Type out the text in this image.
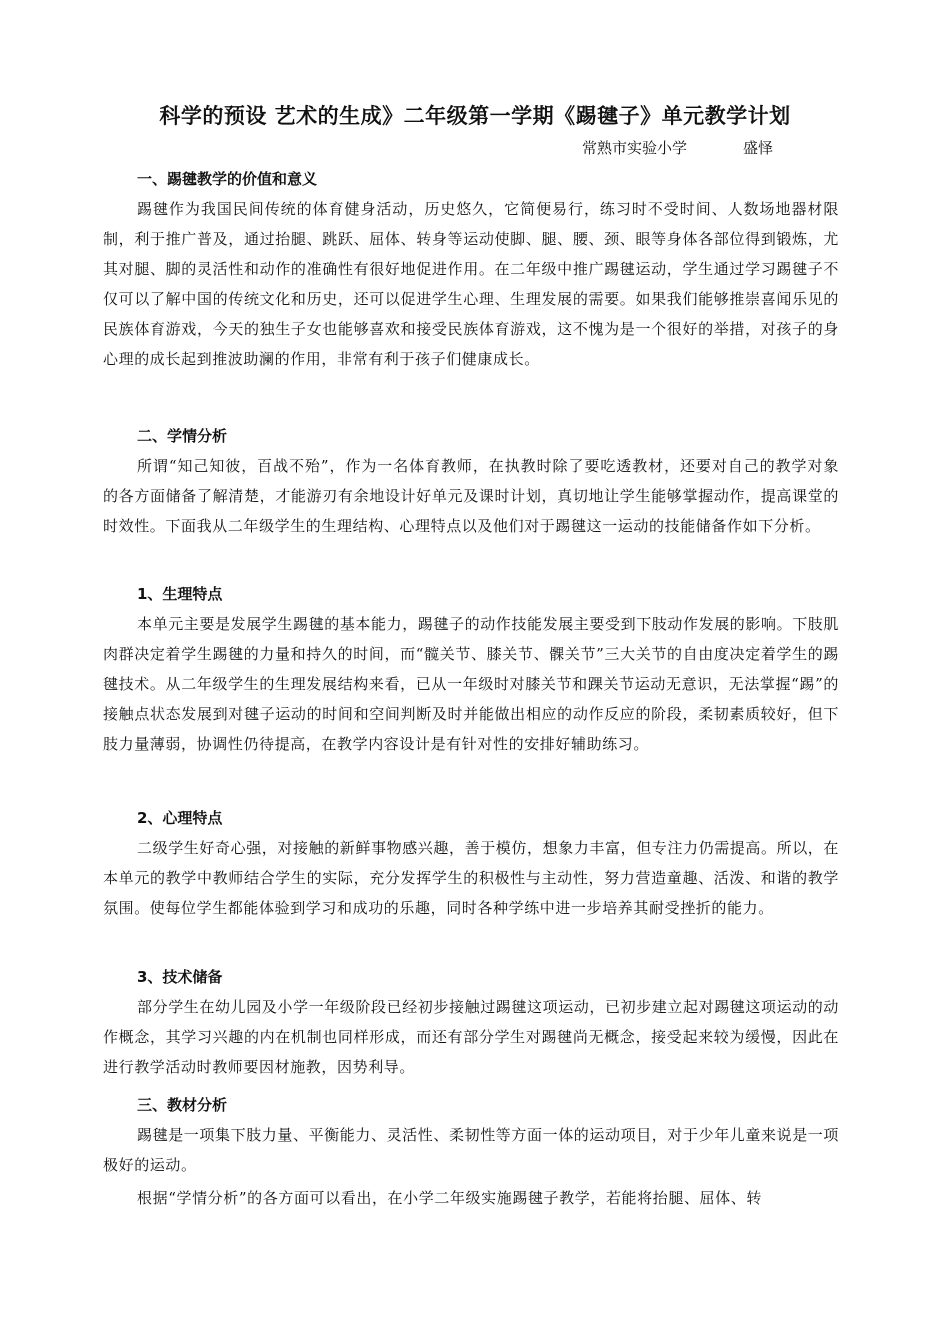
科学的预设 艺术的生成》二年级第一学期《踢毽子》单元教学计划
常熟市实验小学	盛怿
一、踢毽教学的价值和意义

踢毽作为我国民间传统的体育健身活动，历史悠久，它简便易行，练习时不受时间、人数场地器材限制，利于推广普及，通过抬腿、跳跃、屈体、转身等运动使脚、腿、腰、颈、眼等身体各部位得到锻炼，尤其对腿、脚的灵活性和动作的准确性有很好地促进作用。在二年级中推广踢毽运动，学生通过学习踢毽子不仅可以了解中国的传统文化和历史，还可以促进学生心理、生理发展的需要。如果我们能够推崇喜闻乐见的民族体育游戏，今天的独生子女也能够喜欢和接受民族体育游戏，这不愧为是一个很好的举措，对孩子的身心理的成长起到推波助澜的作用，非常有利于孩子们健康成长。

二、学情分析

所谓“知己知彼，百战不殆”，作为一名体育教师，在执教时除了要吃透教材，还要对自己的教学对象的各方面储备了解清楚，才能游刃有余地设计好单元及课时计划，真切地让学生能够掌握动作，提高课堂的时效性。下面我从二年级学生的生理结构、心理特点以及他们对于踢毽这一运动的技能储备作如下分析。

1、生理特点

本单元主要是发展学生踢毽的基本能力，踢毽子的动作技能发展主要受到下肢动作发展的影响。下肢肌肉群决定着学生踢毽的力量和持久的时间，而“髋关节、膝关节、髁关节”三大关节的自由度决定着学生的踢毽技术。从二年级学生的生理发展结构来看，已从一年级时对膝关节和踝关节运动无意识，无法掌握“踢”的接触点状态发展到对毽子运动的时间和空间判断及时并能做出相应的动作反应的阶段，柔韧素质较好，但下肢力量薄弱，协调性仍待提高，在教学内容设计是有针对性的安排好辅助练习。

2、心理特点

二级学生好奇心强，对接触的新鲜事物感兴趣，善于模仿，想象力丰富，但专注力仍需提高。所以，在本单元的教学中教师结合学生的实际，充分发挥学生的积极性与主动性，努力营造童趣、活泼、和谐的教学氛围。使每位学生都能体验到学习和成功的乐趣，同时各种学练中进一步培养其耐受挫折的能力。

3、技术储备

部分学生在幼儿园及小学一年级阶段已经初步接触过踢毽这项运动，已初步建立起对踢毽这项运动的动作概念，其学习兴趣的内在机制也同样形成，而还有部分学生对踢毽尚无概念，接受起来较为缓慢，因此在进行教学活动时教师要因材施教，因势利导。

三、教材分析

踢毽是一项集下肢力量、平衡能力、灵活性、柔韧性等方面一体的运动项目，对于少年儿童来说是一项极好的运动。

根据“学情分析”的各方面可以看出，在小学二年级实施踢毽子教学，若能将抬腿、屈体、转
